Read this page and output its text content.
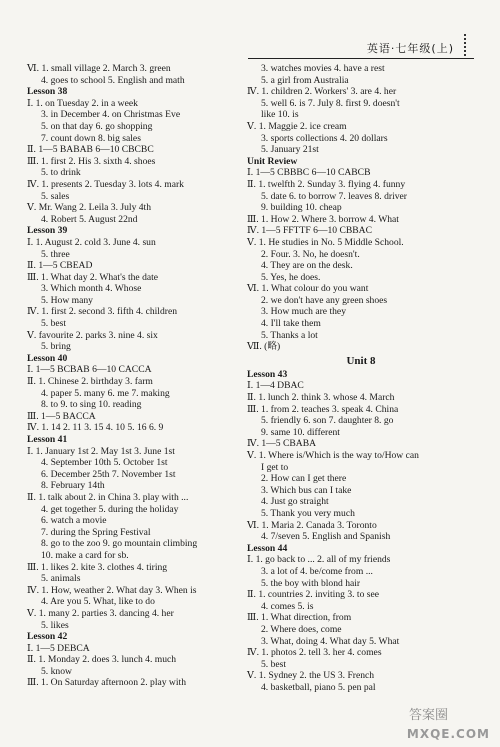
英语·七年级(上)
Ⅵ. 1. small village 2. March 3. green
4. goes to school 5. English and math
Lesson 38
Ⅰ. 1. on Tuesday 2. in a week
3. in December 4. on Christmas Eve
5. on that day 6. go shopping
7. count down 8. big sales
Ⅱ. 1—5 BABAB 6—10 CBCBC
Ⅲ. 1. first 2. His 3. sixth 4. shoes
5. to drink
Ⅳ. 1. presents 2. Tuesday 3. lots 4. mark
5. sales
Ⅴ. Mr. Wang 2. Leila 3. July 4th
4. Robert 5. August 22nd
Lesson 39
Ⅰ. 1. August 2. cold 3. June 4. sun
5. three
Ⅱ. 1—5 CBEAD
Ⅲ. 1. What day 2. What's the date
3. Which month 4. Whose
5. How many
Ⅳ. 1. first 2. second 3. fifth 4. children
5. best
Ⅴ. favourite 2. parks 3. nine 4. six
5. bring
Lesson 40
Ⅰ. 1—5 BCBAB 6—10 CACCA
Ⅱ. 1. Chinese 2. birthday 3. farm
4. paper 5. many 6. me 7. making
8. to 9. to sing 10. reading
Ⅲ. 1—5 BACCA
Ⅳ. 1. 14 2. 11 3. 15 4. 10 5. 16 6. 9
Lesson 41
Ⅰ. 1. January 1st 2. May 1st 3. June 1st
4. September 10th 5. October 1st
6. December 25th 7. November 1st
8. February 14th
Ⅱ. 1. talk about 2. in China 3. play with ...
4. get together 5. during the holiday
6. watch a movie
7. during the Spring Festival
8. go to the zoo 9. go mountain climbing
10. make a card for sb.
Ⅲ. 1. likes 2. kite 3. clothes 4. tiring
5. animals
Ⅳ. 1. How, weather 2. What day 3. When is
4. Are you 5. What, like to do
Ⅴ. 1. many 2. parties 3. dancing 4. her
5. likes
Lesson 42
Ⅰ. 1—5 DEBCA
Ⅱ. 1. Monday 2. does 3. lunch 4. much
5. know
Ⅲ. 1. On Saturday afternoon 2. play with
3. watches movies 4. have a rest
5. a girl from Australia
Ⅳ. 1. children 2. Workers' 3. are 4. her
5. well 6. is 7. July 8. first 9. doesn't
like 10. is
Ⅴ. 1. Maggie 2. ice cream
3. sports collections 4. 20 dollars
5. January 21st
Unit Review
Ⅰ. 1—5 CBBBC 6—10 CABCB
Ⅱ. 1. twelfth 2. Sunday 3. flying 4. funny
5. date 6. to borrow 7. leaves 8. driver
9. building 10. cheap
Ⅲ. 1. How 2. Where 3. borrow 4. What
Ⅳ. 1—5 FFTTF 6—10 CBBAC
Ⅴ. 1. He studies in No. 5 Middle School.
2. Four. 3. No, he doesn't.
4. They are on the desk.
5. Yes, he does.
Ⅵ. 1. What colour do you want
2. we don't have any green shoes
3. How much are they
4. I'll take them
5. Thanks a lot
Ⅶ. (略)
Unit 8
Lesson 43
Ⅰ. 1—4 DBAC
Ⅱ. 1. lunch 2. think 3. whose 4. March
Ⅲ. 1. from 2. teaches 3. speak 4. China
5. friendly 6. son 7. daughter 8. go
9. same 10. different
Ⅳ. 1—5 CBABA
Ⅴ. 1. Where is/Which is the way to/How can
I get to
2. How can I get there
3. Which bus can I take
4. Just go straight
5. Thank you very much
Ⅵ. 1. Maria 2. Canada 3. Toronto
4. 7/seven 5. English and Spanish
Lesson 44
Ⅰ. 1. go back to ... 2. all of my friends
3. a lot of 4. be/come from ...
5. the boy with blond hair
Ⅱ. 1. countries 2. inviting 3. to see
4. comes 5. is
Ⅲ. 1. What direction, from
2. Where does, come
3. What, doing 4. What day 5. What
Ⅳ. 1. photos 2. tell 3. her 4. comes
5. best
Ⅴ. 1. Sydney 2. the US 3. French
4. basketball, piano 5. pen pal
答案圈
MXQE.COM
